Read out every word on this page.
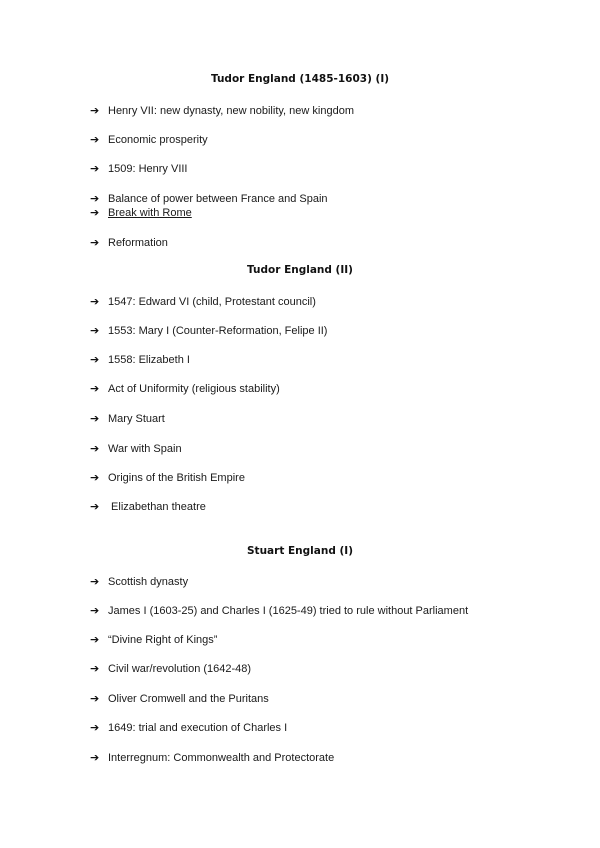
Tudor England (1485-1603) (I)
➔ Henry VII: new dynasty, new nobility, new kingdom
➔ Economic prosperity
➔ 1509: Henry VIII
➔ Balance of power between France and Spain
➔ Break with Rome
➔ Reformation
Tudor England (II)
➔ 1547: Edward VI (child, Protestant council)
➔ 1553: Mary I (Counter-Reformation, Felipe II)
➔ 1558: Elizabeth I
➔ Act of Uniformity (religious stability)
➔ Mary Stuart
➔ War with Spain
➔ Origins of the British Empire
➔ Elizabethan theatre
Stuart England (I)
➔ Scottish dynasty
➔ James I (1603-25) and Charles I (1625-49) tried to rule without Parliament
➔ “Divine Right of Kings”
➔ Civil war/revolution (1642-48)
➔ Oliver Cromwell and the Puritans
➔ 1649: trial and execution of Charles I
➔ Interregnum: Commonwealth and Protectorate
